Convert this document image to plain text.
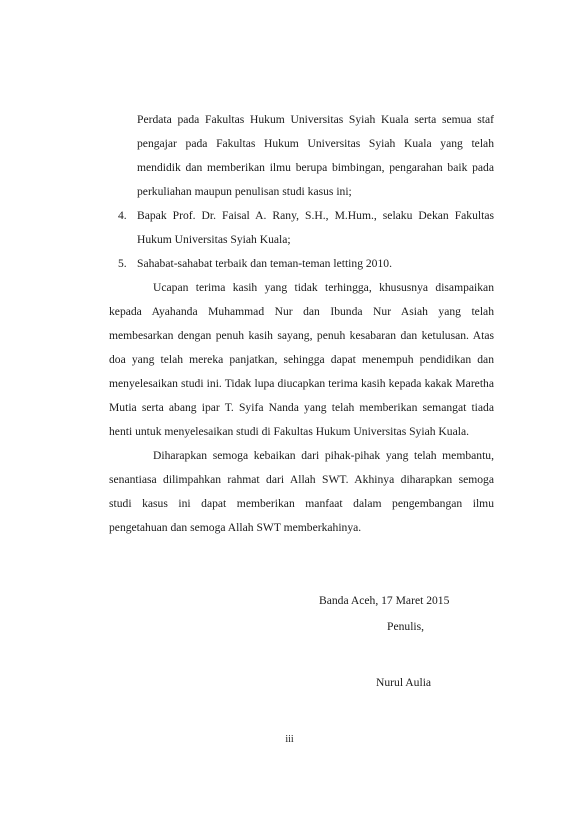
Perdata pada Fakultas Hukum Universitas Syiah Kuala serta semua staf
pengajar pada Fakultas Hukum Universitas Syiah Kuala yang telah
mendidik dan memberikan ilmu berupa bimbingan, pengarahan baik pada
perkuliahan maupun penulisan studi kasus ini;
4. Bapak Prof. Dr. Faisal A. Rany, S.H., M.Hum., selaku Dekan Fakultas
Hukum Universitas Syiah Kuala;
5. Sahabat-sahabat terbaik dan teman-teman letting 2010.
Ucapan terima kasih yang tidak terhingga, khususnya disampaikan
kepada Ayahanda Muhammad Nur dan Ibunda Nur Asiah yang telah
membesarkan dengan penuh kasih sayang, penuh kesabaran dan ketulusan. Atas
doa yang telah mereka panjatkan, sehingga dapat menempuh pendidikan dan
menyelesaikan studi ini. Tidak lupa diucapkan terima kasih kepada kakak Maretha
Mutia serta abang ipar T. Syifa Nanda yang telah memberikan semangat tiada
henti untuk menyelesaikan studi di Fakultas Hukum Universitas Syiah Kuala.
Diharapkan semoga kebaikan dari pihak-pihak yang telah membantu,
senantiasa dilimpahkan rahmat dari Allah SWT. Akhinya diharapkan semoga
studi kasus ini dapat memberikan manfaat dalam pengembangan ilmu
pengetahuan dan semoga Allah SWT memberkahinya.
Banda Aceh, 17 Maret 2015
Penulis,
Nurul Aulia
iii
